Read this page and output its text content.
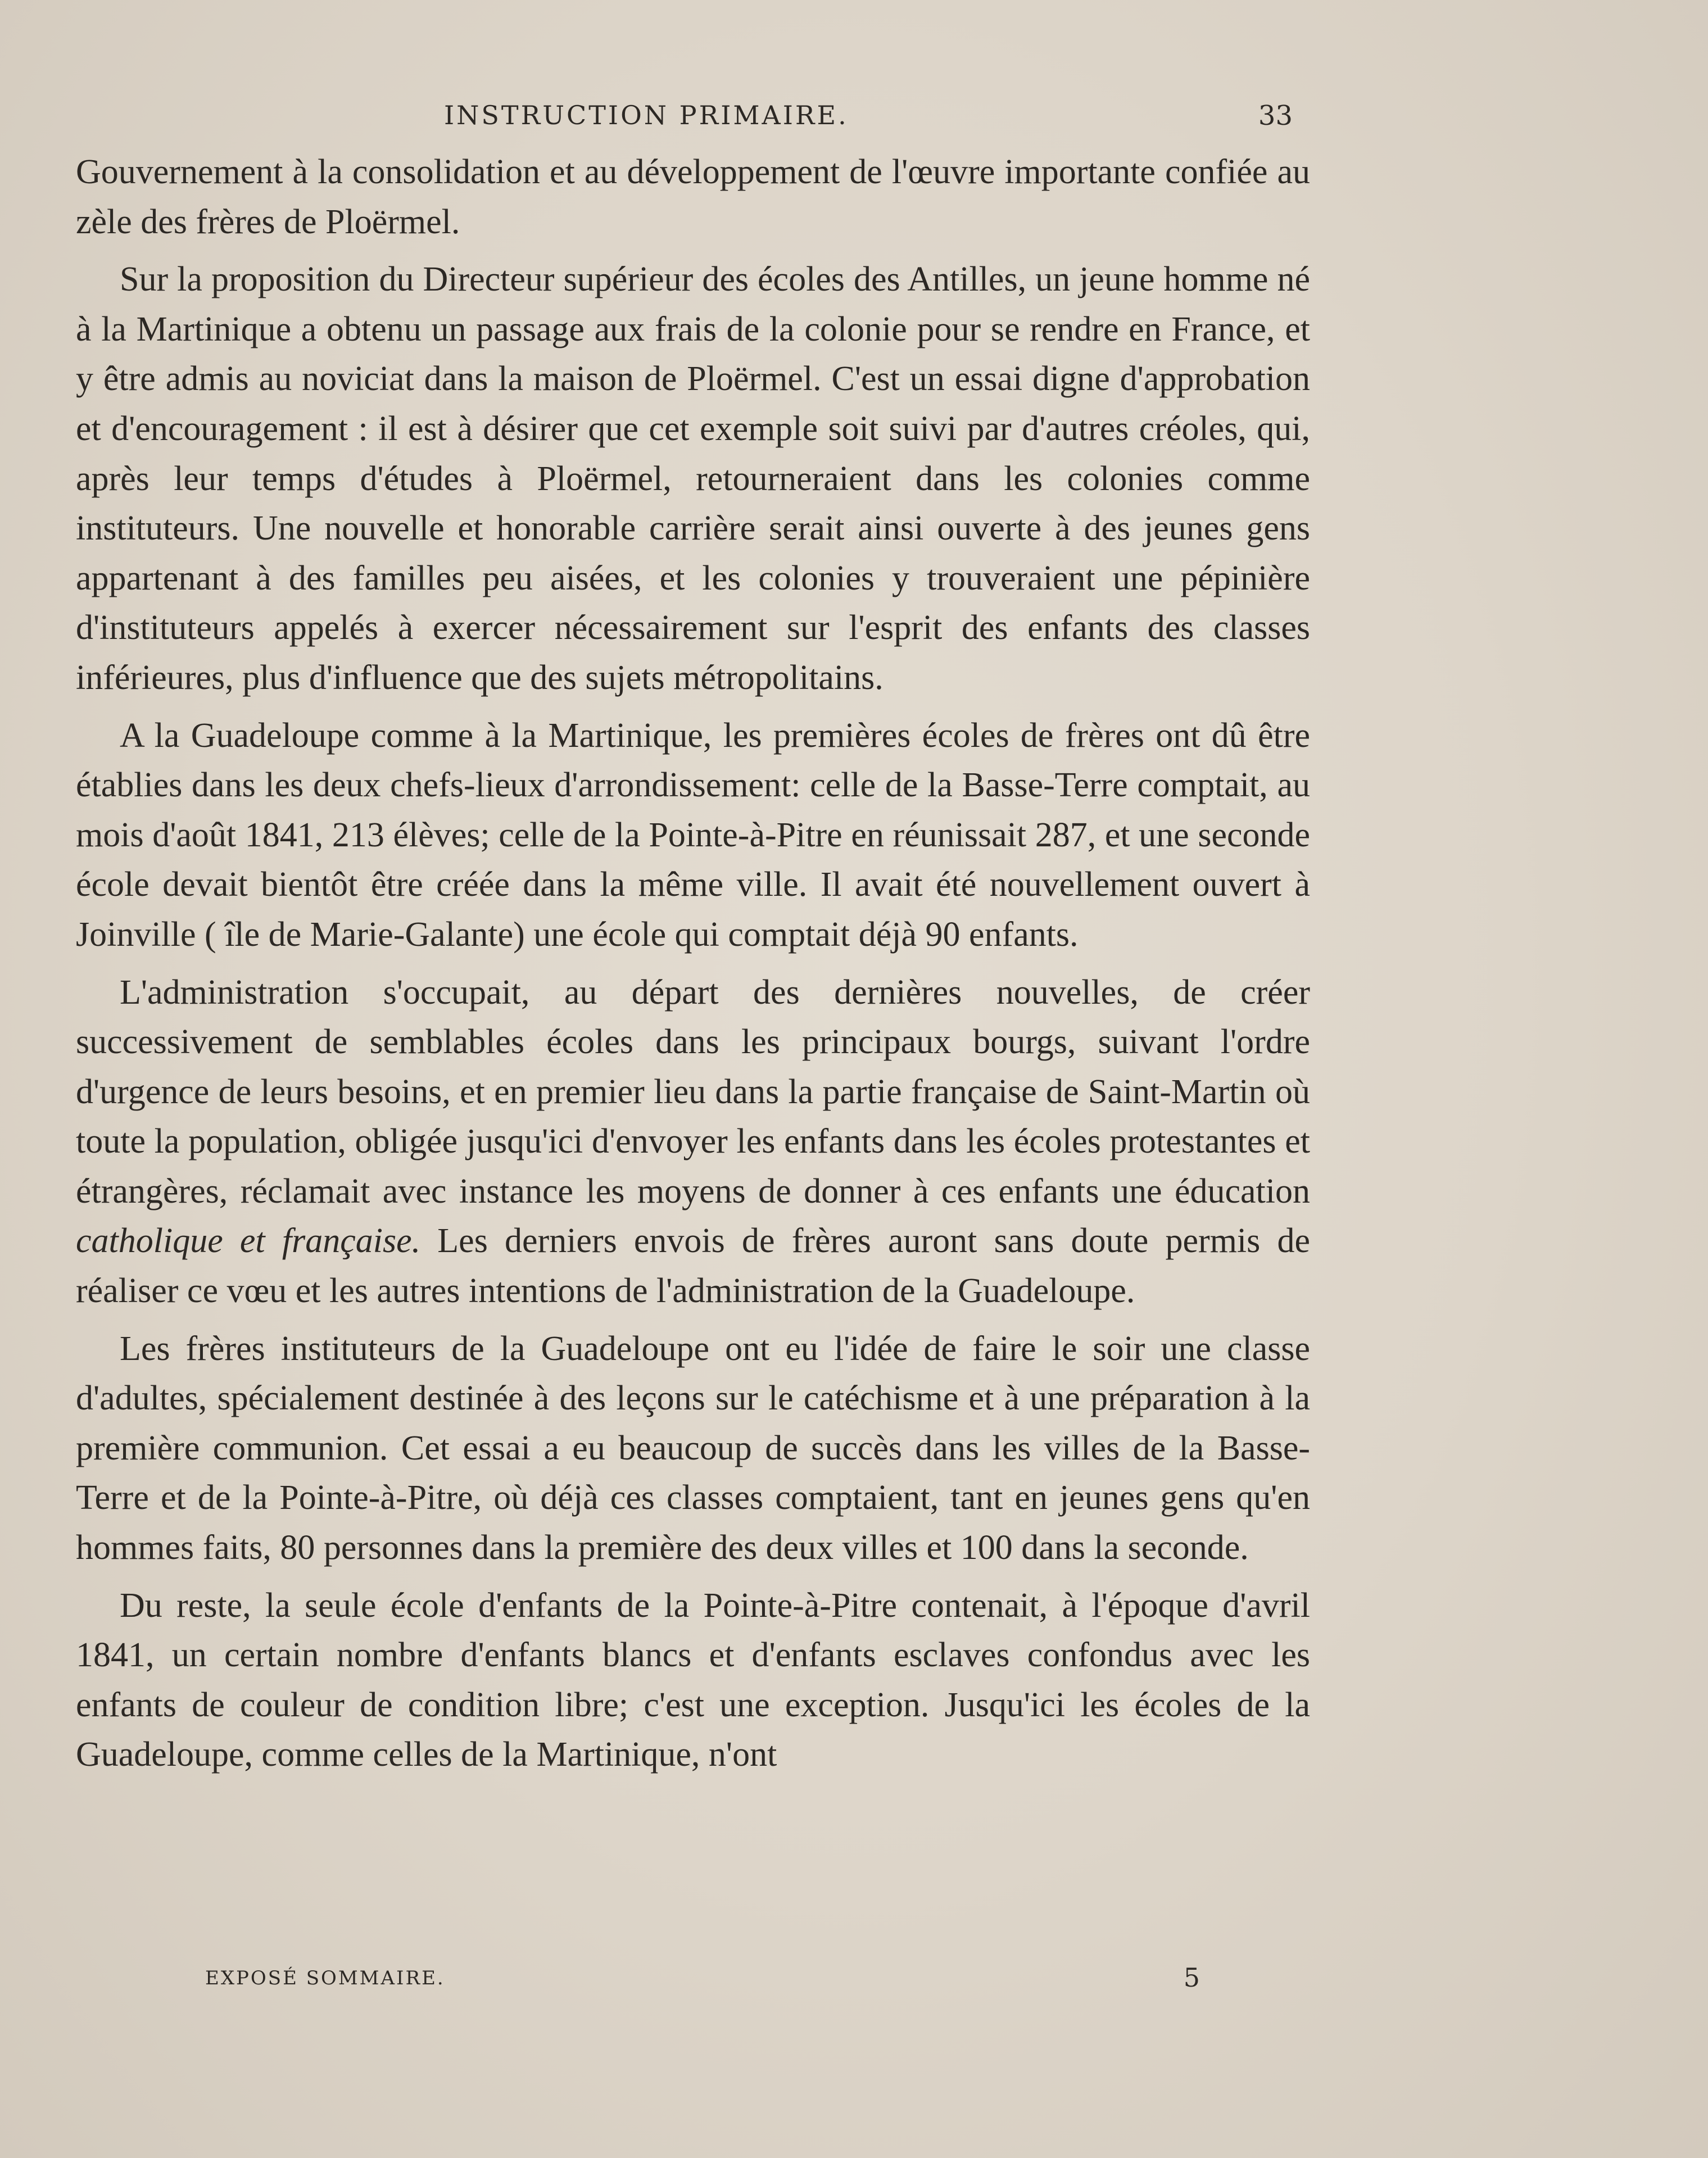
INSTRUCTION PRIMAIRE.	33

Gouvernement à la consolidation et au développement de l'œuvre importante confiée au zèle des frères de Ploërmel.

Sur la proposition du Directeur supérieur des écoles des Antilles, un jeune homme né à la Martinique a obtenu un passage aux frais de la colonie pour se rendre en France, et y être admis au noviciat dans la maison de Ploërmel. C'est un essai digne d'approbation et d'encouragement : il est à désirer que cet exemple soit suivi par d'autres créoles, qui, après leur temps d'études à Ploërmel, retourneraient dans les colonies comme instituteurs. Une nouvelle et honorable carrière serait ainsi ouverte à des jeunes gens appartenant à des familles peu aisées, et les colonies y trouveraient une pépinière d'instituteurs appelés à exercer nécessairement sur l'esprit des enfants des classes inférieures, plus d'influence que des sujets métropolitains.

A la Guadeloupe comme à la Martinique, les premières écoles de frères ont dû être établies dans les deux chefs-lieux d'arrondissement: celle de la Basse-Terre comptait, au mois d'août 1841, 213 élèves; celle de la Pointe-à-Pitre en réunissait 287, et une seconde école devait bientôt être créée dans la même ville. Il avait été nouvellement ouvert à Joinville ( île de Marie-Galante) une école qui comptait déjà 90 enfants.

L'administration s'occupait, au départ des dernières nouvelles, de créer successivement de semblables écoles dans les principaux bourgs, suivant l'ordre d'urgence de leurs besoins, et en premier lieu dans la partie française de Saint-Martin où toute la population, obligée jusqu'ici d'envoyer les enfants dans les écoles protestantes et étrangères, réclamait avec instance les moyens de donner à ces enfants une éducation catholique et française. Les derniers envois de frères auront sans doute permis de réaliser ce vœu et les autres intentions de l'administration de la Guadeloupe.

Les frères instituteurs de la Guadeloupe ont eu l'idée de faire le soir une classe d'adultes, spécialement destinée à des leçons sur le catéchisme et à une préparation à la première communion. Cet essai a eu beaucoup de succès dans les villes de la Basse-Terre et de la Pointe-à-Pitre, où déjà ces classes comptaient, tant en jeunes gens qu'en hommes faits, 80 personnes dans la première des deux villes et 100 dans la seconde.

Du reste, la seule école d'enfants de la Pointe-à-Pitre contenait, à l'époque d'avril 1841, un certain nombre d'enfants blancs et d'enfants esclaves confondus avec les enfants de couleur de condition libre; c'est une exception. Jusqu'ici les écoles de la Guadeloupe, comme celles de la Martinique, n'ont

EXPOSÉ SOMMAIRE.	5
